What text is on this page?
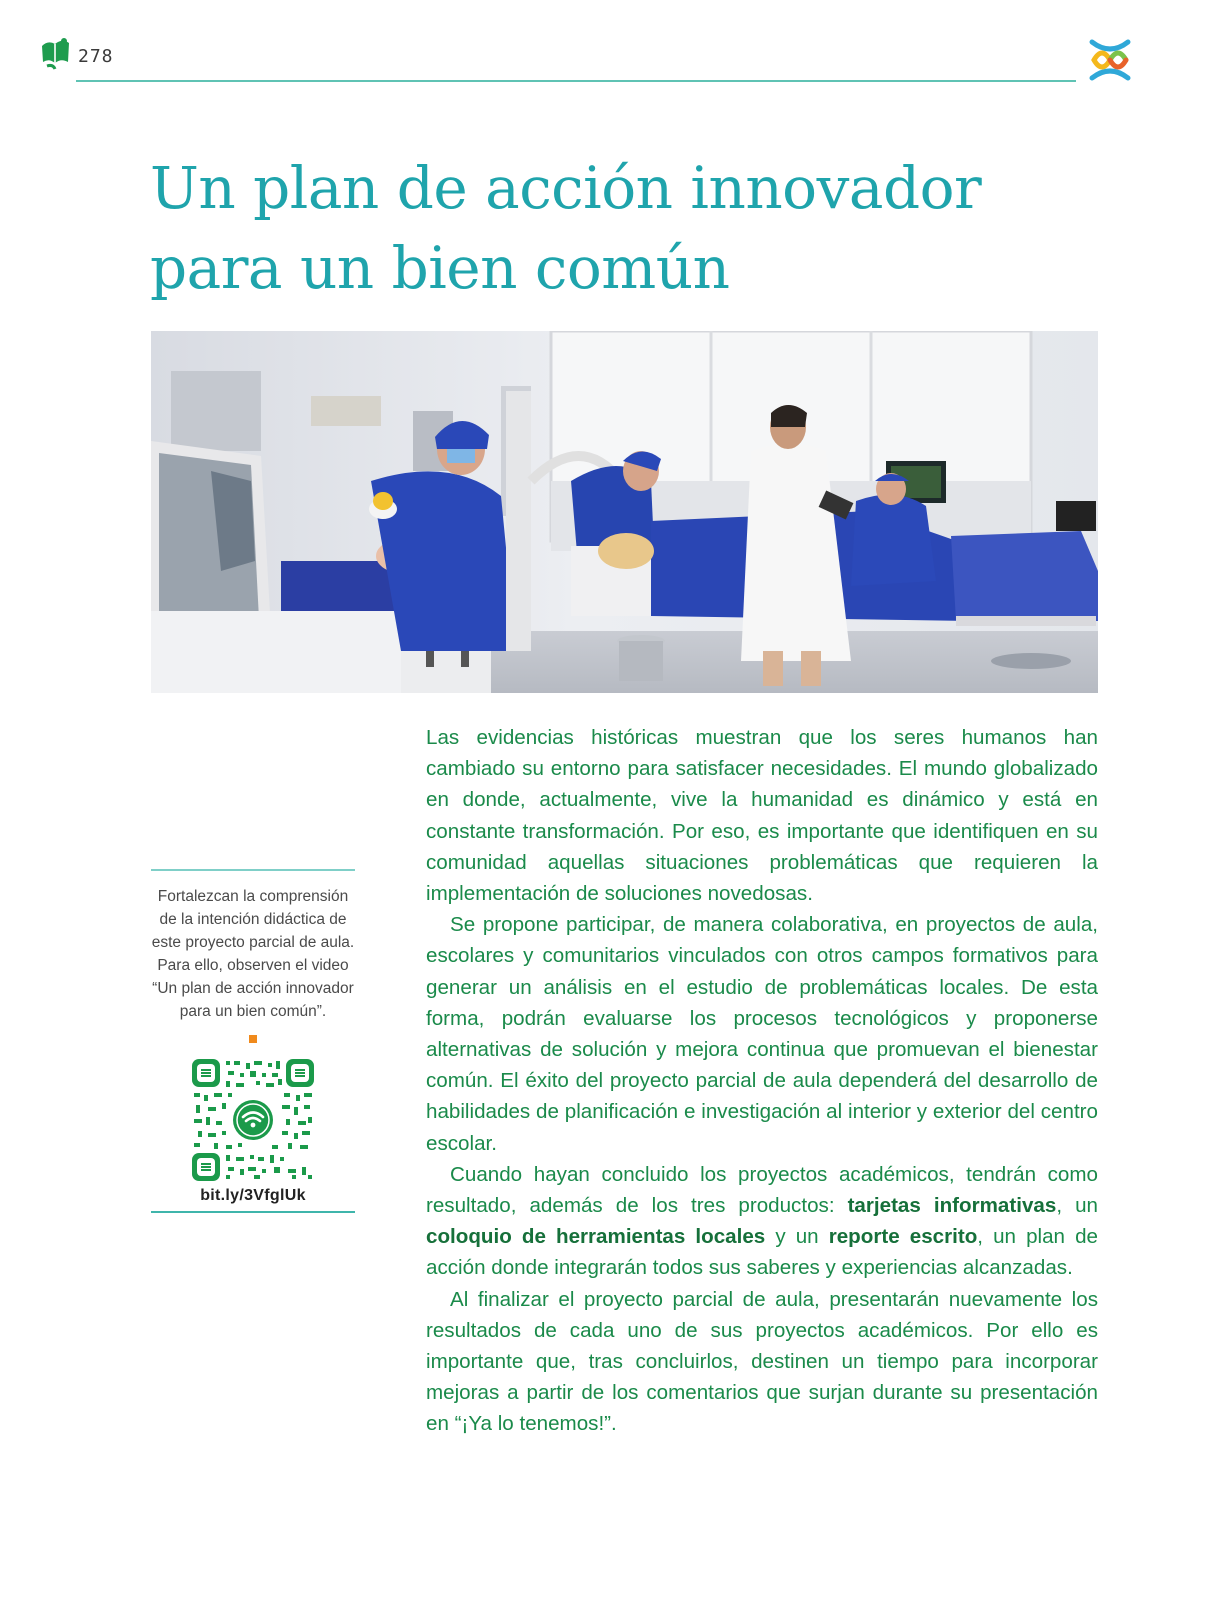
278
Un plan de acción innovador
para un bien común

Fortalezcan la comprensión de la intención didáctica de este proyecto parcial de aula. Para ello, observen el video “Un plan de acción innovador para un bien común”.

bit.ly/3VfglUk

Las evidencias históricas muestran que los seres humanos han cambiado su entorno para satisfacer necesidades. El mundo globalizado en donde, actualmente, vive la humanidad es dinámico y está en constante transformación. Por eso, es importante que identifiquen en su comunidad aquellas situaciones problemáticas que requieren la implementación de soluciones novedosas.

Se propone participar, de manera colaborativa, en proyectos de aula, escolares y comunitarios vinculados con otros campos formativos para generar un análisis en el estudio de problemáticas locales. De esta forma, podrán evaluarse los procesos tecnológicos y proponerse alternativas de solución y mejora continua que promuevan el bienestar común. El éxito del proyecto parcial de aula dependerá del desarrollo de habilidades de planificación e investigación al interior y exterior del centro escolar.

Cuando hayan concluido los proyectos académicos, tendrán como resultado, además de los tres productos: tarjetas informativas, un coloquio de herramientas locales y un reporte escrito, un plan de acción donde integrarán todos sus saberes y experiencias alcanzadas.

Al finalizar el proyecto parcial de aula, presentarán nuevamente los resultados de cada uno de sus proyectos académicos. Por ello es importante que, tras concluirlos, destinen un tiempo para incorporar mejoras a partir de los comentarios que surjan durante su presentación en “¡Ya lo tenemos!”.
